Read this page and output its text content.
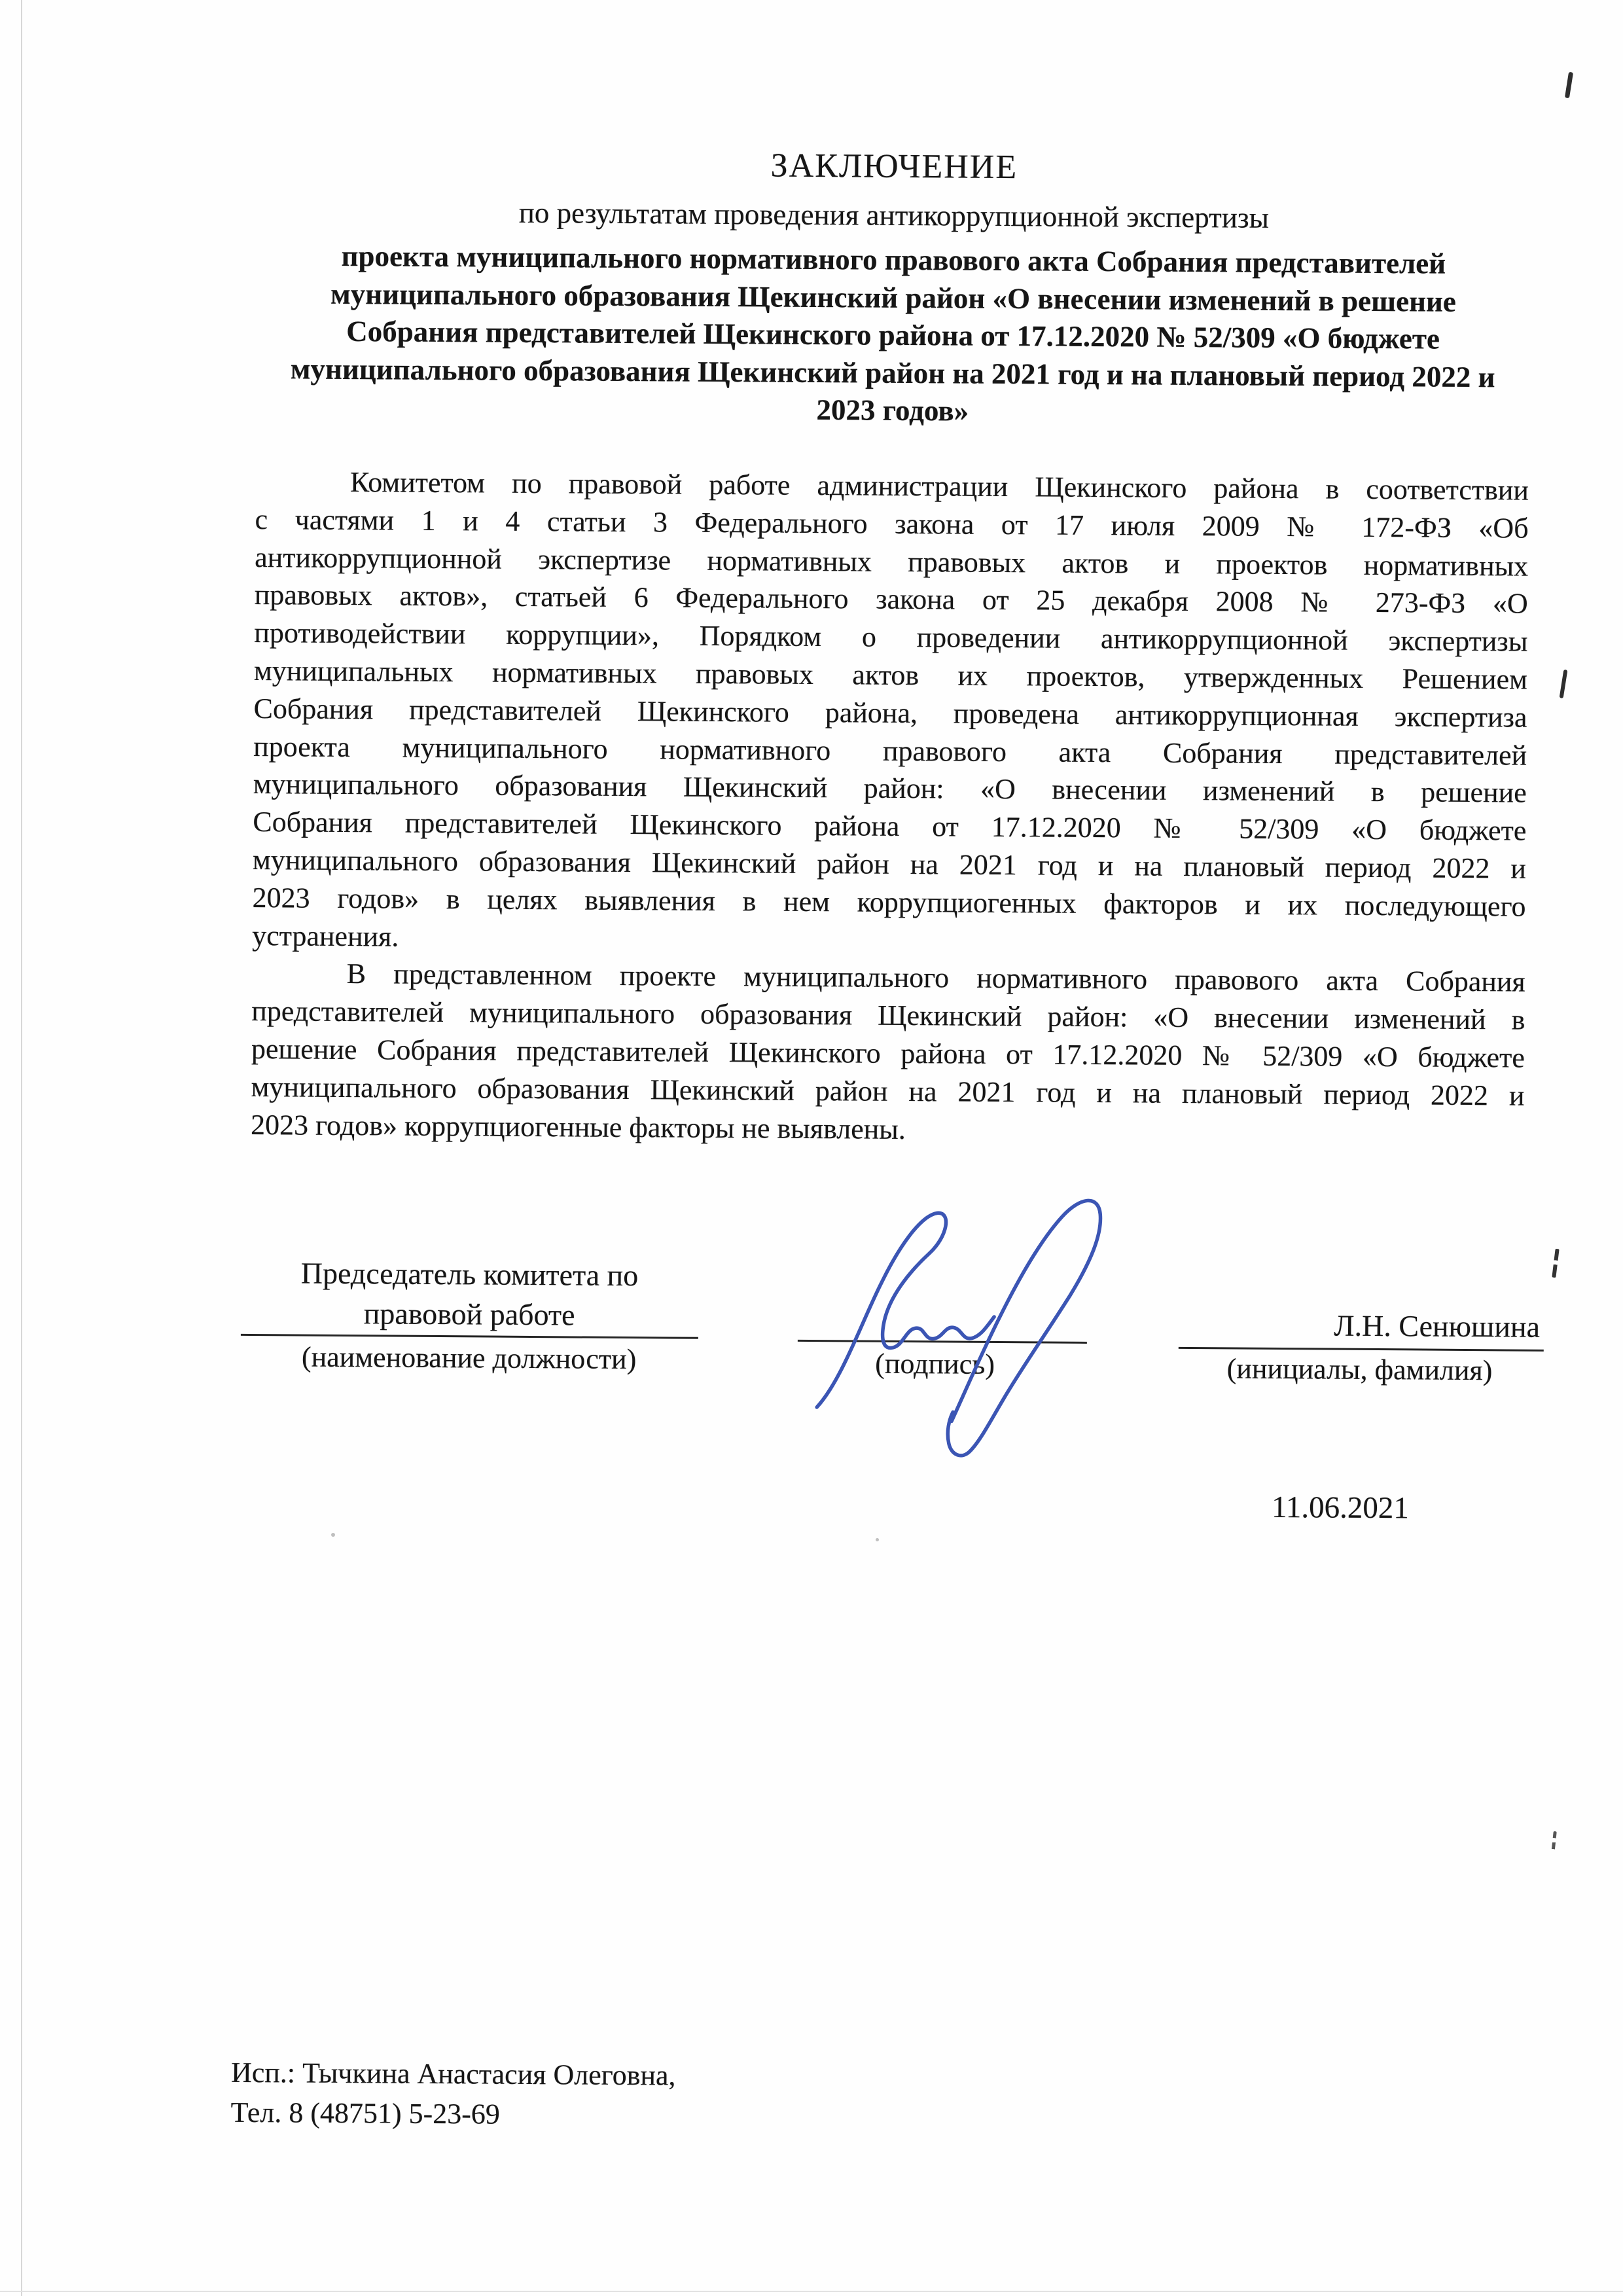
ЗАКЛЮЧЕНИЕ
по результатам проведения антикоррупционной экспертизы
проекта муниципального нормативного правового акта Собрания представителей
муниципального образования Щекинский район «О внесении изменений в решение
Собрания представителей Щекинского района от 17.12.2020 № 52/309 «О бюджете
муниципального образования Щекинский район на 2021 год и на плановый период 2022 и
2023 годов»
Комитетом по правовой работе администрации Щекинского района в соответствии
с частями 1 и 4 статьи 3 Федерального закона от 17 июля 2009 № 172-ФЗ «Об
антикоррупционной экспертизе нормативных правовых актов и проектов нормативных
правовых актов», статьей 6 Федерального закона от 25 декабря 2008 № 273-ФЗ «О
противодействии коррупции», Порядком о проведении антикоррупционной экспертизы
муниципальных нормативных правовых актов их проектов, утвержденных Решением
Собрания представителей Щекинского района, проведена антикоррупционная экспертиза
проекта муниципального нормативного правового акта Собрания представителей
муниципального образования Щекинский район: «О внесении изменений в решение
Собрания представителей Щекинского района от 17.12.2020 № 52/309 «О бюджете
муниципального образования Щекинский район на 2021 год и на плановый период 2022 и
2023 годов» в целях выявления в нем коррупциогенных факторов и их последующего
устранения.
В представленном проекте муниципального нормативного правового акта Собрания
представителей муниципального образования Щекинский район: «О внесении изменений в
решение Собрания представителей Щекинского района от 17.12.2020 № 52/309 «О бюджете
муниципального образования Щекинский район на 2021 год и на плановый период 2022 и
2023 годов» коррупциогенные факторы не выявлены.
Председатель комитета по
правовой работе
(наименование должности)	(подпись)	(инициалы, фамилия)
Л.Н. Сенюшина
11.06.2021
Исп.: Тычкина Анастасия Олеговна,
Тел. 8 (48751) 5-23-69
